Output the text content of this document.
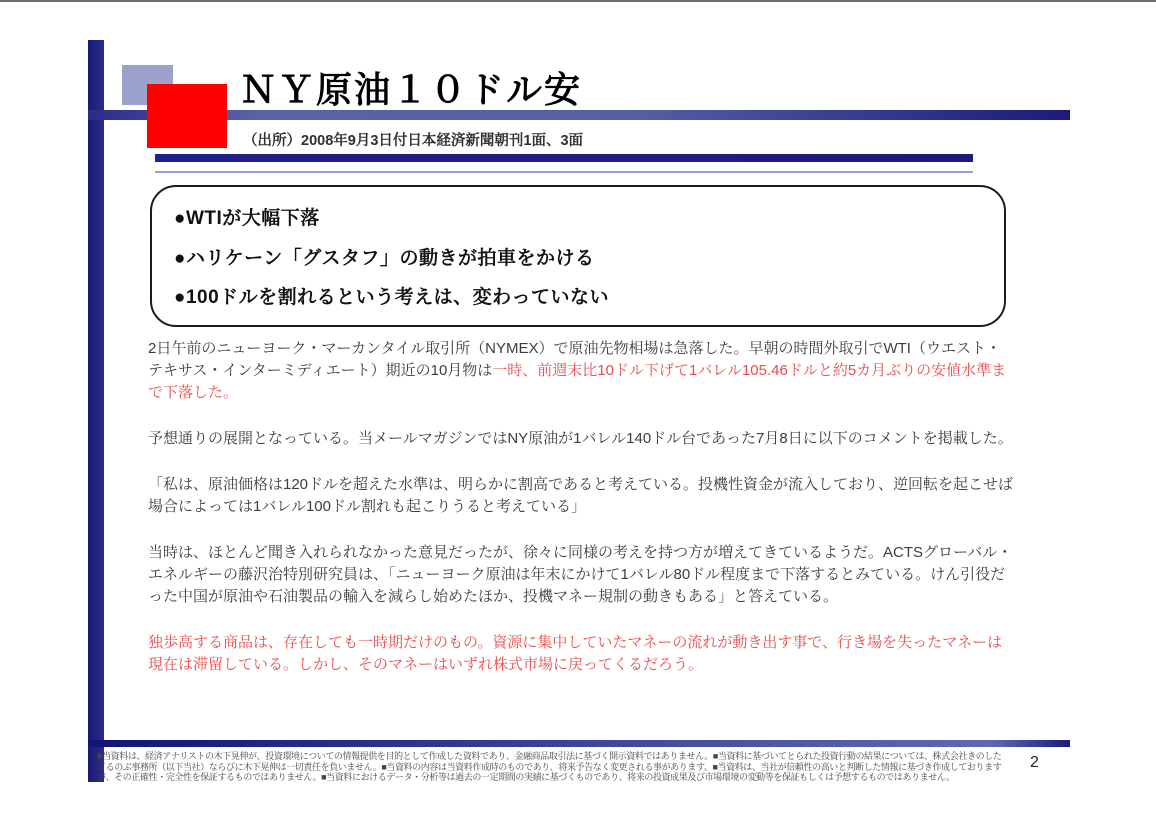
ＮＹ原油１０ドル安
（出所）2008年9月3日付日本経済新聞朝刊1面、3面
●WTIが大幅下落
●ハリケーン「グスタフ」の動きが拍車をかける
●100ドルを割れるという考えは、変わっていない

2日午前のニューヨーク・マーカンタイル取引所（NYMEX）で原油先物相場は急落した。早朝の時間外取引でWTI（ウエスト・テキサス・インターミディエート）期近の10月物は一時、前週末比10ドル下げて1バレル105.46ドルと約5カ月ぶりの安値水準まで下落した。

予想通りの展開となっている。当メールマガジンではNY原油が1バレル140ドル台であった7月8日に以下のコメントを掲載した。

「私は、原油価格は120ドルを超えた水準は、明らかに割高であると考えている。投機性資金が流入しており、逆回転を起こせば場合によっては1バレル100ドル割れも起こりうると考えている」

当時は、ほとんど聞き入れられなかった意見だったが、徐々に同様の考えを持つ方が増えてきているようだ。ACTSグローバル・エネルギーの藤沢治特別研究員は、「ニューヨーク原油は年末にかけて1バレル80ドル程度まで下落するとみている。けん引役だった中国が原油や石油製品の輸入を減らし始めたほか、投機マネー規制の動きもある」と答えている。

独歩高する商品は、存在しても一時期だけのもの。資源に集中していたマネーの流れが動き出す事で、行き場を失ったマネーは現在は滞留している。しかし、そのマネーはいずれ株式市場に戻ってくるだろう。

■当資料は、経済アナリストの木下晃伸が、投資環境についての情報提供を目的として作成した資料であり、金融商品取引法に基づく開示資料ではありません。■当資料に基づいてとられた投資行動の結果については、株式会社きのした
てるのぶ事務所（以下当社）ならびに木下晃伸は一切責任を負いません。■当資料の内容は当資料作成時のものであり、将来予告なく変更される事があります。■当資料は、当社が信頼性の高いと判断した情報に基づき作成しております
が、その正確性・完全性を保証するものではありません。■当資料におけるデータ・分析等は過去の一定期間の実績に基づくものであり、将来の投資成果及び市場環境の変動等を保証もしくは予想するものではありません。
2
